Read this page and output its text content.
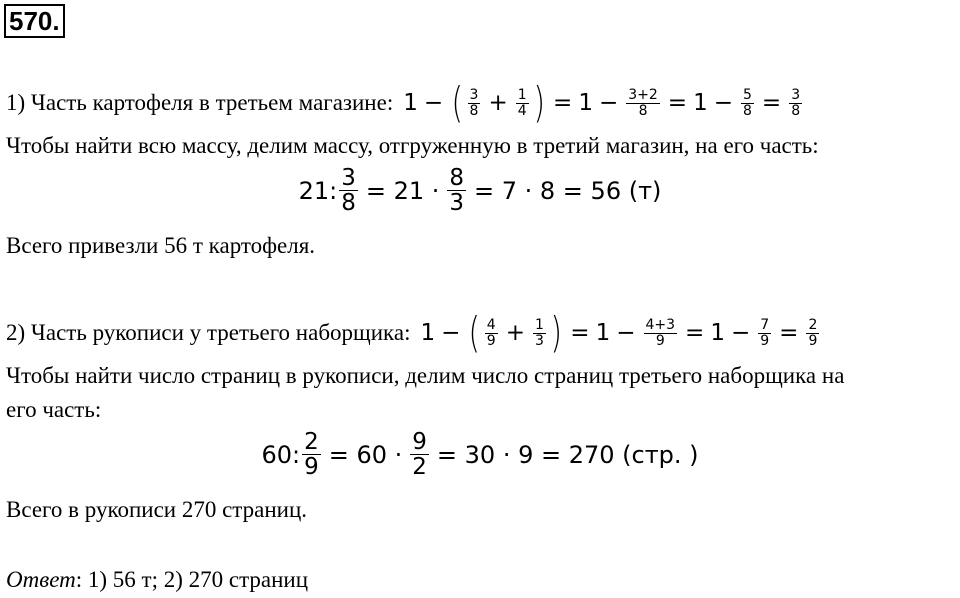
570.
1) Часть картофеля в третьем магазине: 1 − ( $\frac{3}{8} + \frac{1}{4}$ ) = $1 - \frac{3+2}{8} = 1 - \frac{5}{8} = \frac{3}{8}$
Чтобы найти всю массу, делим массу, отгруженную в третий магазин, на его часть:
21: $\frac{3}{8} = 21 \cdot \frac{8}{3} = 7 \cdot 8 = 56$ (т)
Всего привезли 56 т картофеля.
2) Часть рукописи у третьего наборщика: 1 − ( $\frac{4}{9} + \frac{1}{3}$ ) = $1 - \frac{4+3}{9} = 1 - \frac{7}{9} = \frac{2}{9}$
Чтобы найти число страниц в рукописи, делим число страниц третьего наборщика на
его часть:
60: $\frac{2}{9} = 60 \cdot \frac{9}{2} = 30 \cdot 9 = 270$ (стр. )
Всего в рукописи 270 страниц.
Ответ : 1) 56 т; 2) 270 страниц
